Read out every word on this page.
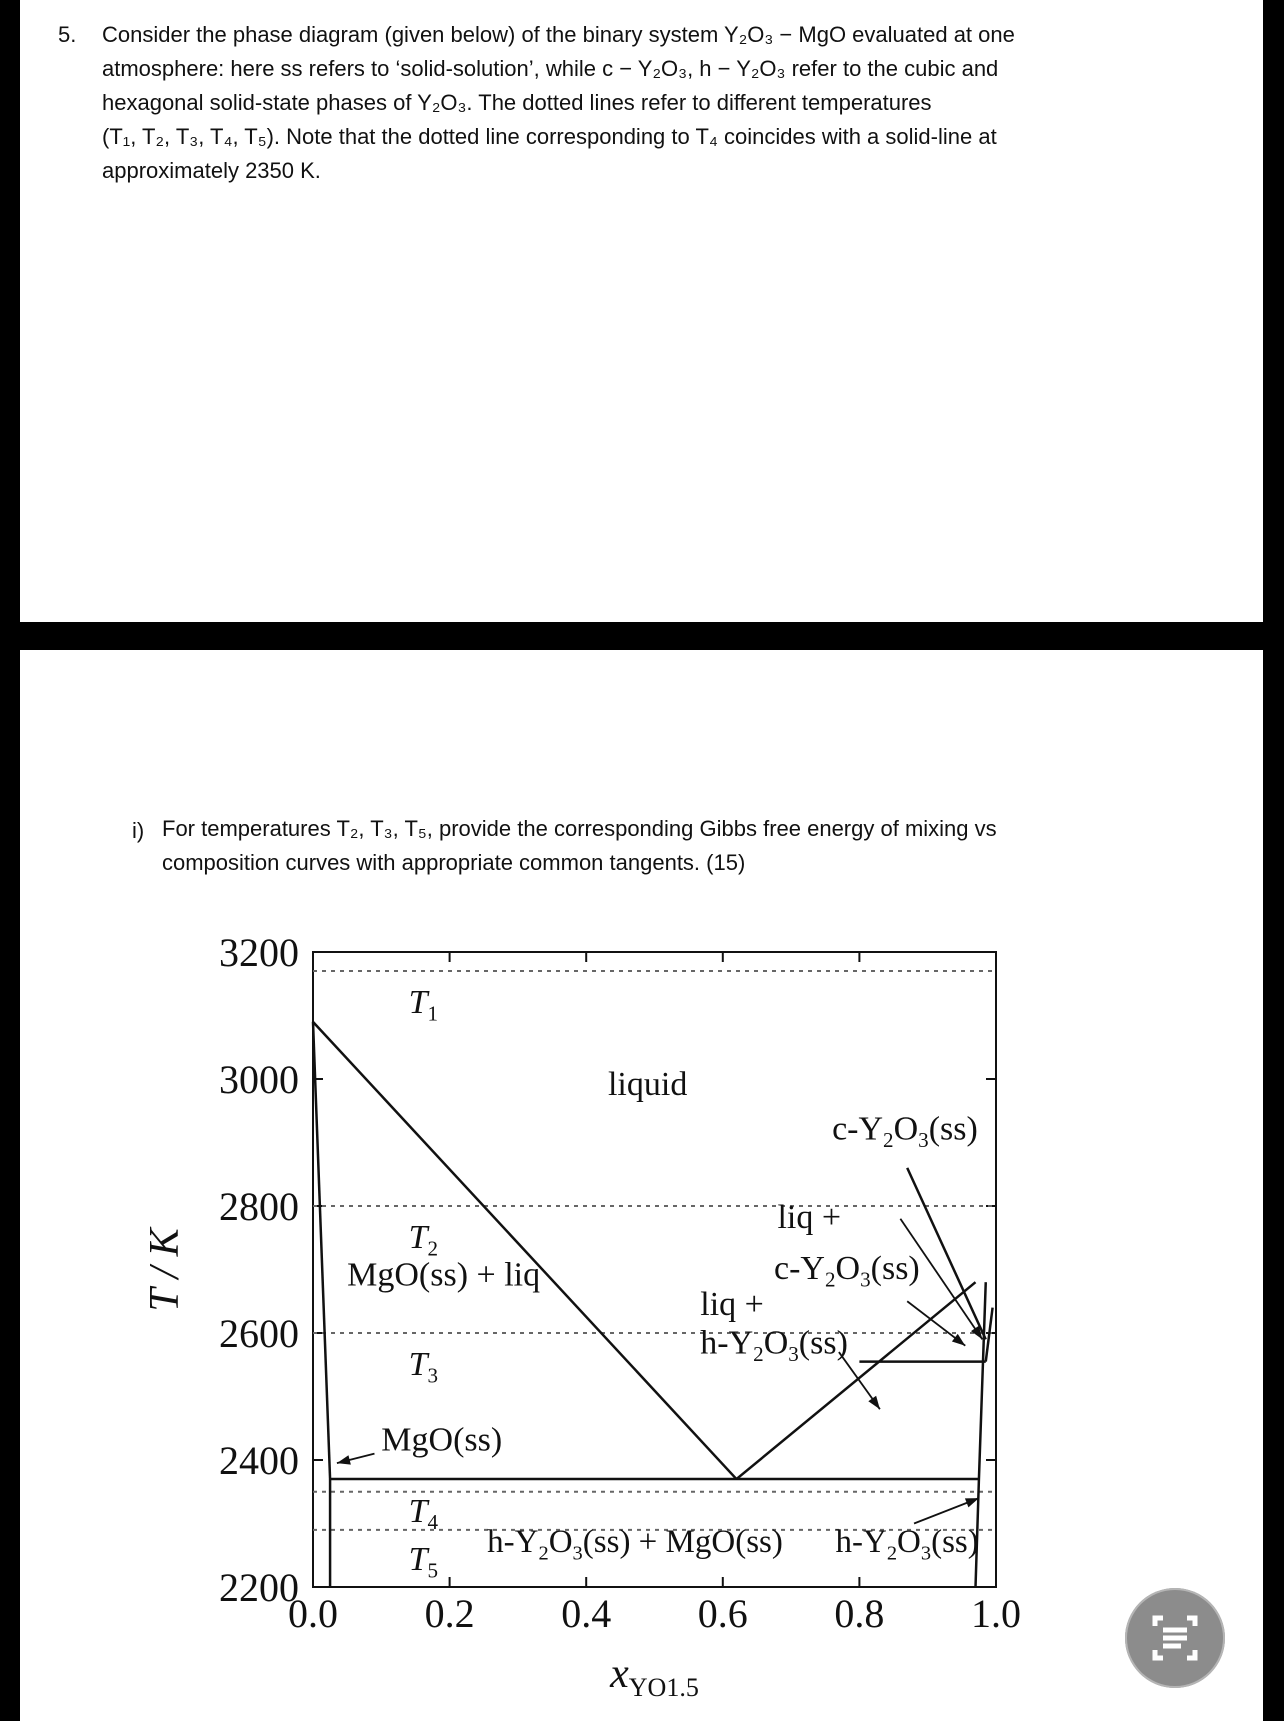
5. Consider the phase diagram (given below) of the binary system Y₂O₃ − MgO evaluated at one
atmosphere: here ss refers to ‘solid-solution’, while c − Y₂O₃, h − Y₂O₃ refer to the cubic and
hexagonal solid-state phases of Y₂O₃. The dotted lines refer to different temperatures
(T₁, T₂, T₃, T₄, T₅). Note that the dotted line corresponding to T₄ coincides with a solid-line at
approximately 2350 K.
i) For temperatures T₂, T₃, T₅, provide the corresponding Gibbs free energy of mixing vs
composition curves with appropriate common tangents. (15)
3200
3000
2800
2600
2400
2200
0.0 0.2 0.4 0.6 0.8 1.0
$T_1$
$T_2$
$T_3$
$T_4$
$T_5$
liquid
$c-Y_2O_3(ss)$
liq +
$c-Y_2O_3(ss)$
MgO(ss) + liq
liq +
$h-Y_2O_3(ss)$
MgO(ss)
$h-Y_2O_3(ss) + MgO(ss)$ $h-Y_2O_3(ss)$
T / K
$x_{YO1.5}$
